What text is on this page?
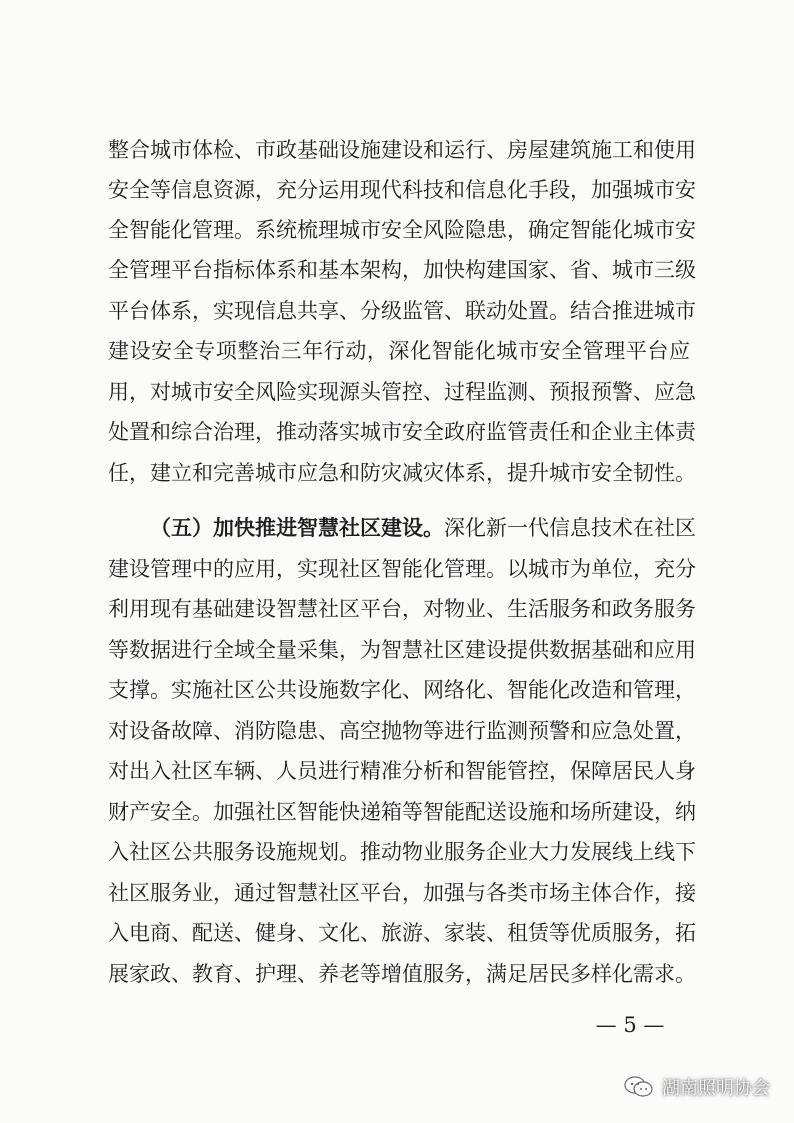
整合城市体检、市政基础设施建设和运行、房屋建筑施工和使用
安全等信息资源，充分运用现代科技和信息化手段，加强城市安
全智能化管理。系统梳理城市安全风险隐患，确定智能化城市安
全管理平台指标体系和基本架构，加快构建国家、省、城市三级
平台体系，实现信息共享、分级监管、联动处置。结合推进城市
建设安全专项整治三年行动，深化智能化城市安全管理平台应
用，对城市安全风险实现源头管控、过程监测、预报预警、应急
处置和综合治理，推动落实城市安全政府监管责任和企业主体责
任，建立和完善城市应急和防灾减灾体系，提升城市安全韧性。
（五）加快推进智慧社区建设。深化新一代信息技术在社区
建设管理中的应用，实现社区智能化管理。以城市为单位，充分
利用现有基础建设智慧社区平台，对物业、生活服务和政务服务
等数据进行全域全量采集，为智慧社区建设提供数据基础和应用
支撑。实施社区公共设施数字化、网络化、智能化改造和管理，
对设备故障、消防隐患、高空抛物等进行监测预警和应急处置，
对出入社区车辆、人员进行精准分析和智能管控，保障居民人身
财产安全。加强社区智能快递箱等智能配送设施和场所建设，纳
入社区公共服务设施规划。推动物业服务企业大力发展线上线下
社区服务业，通过智慧社区平台，加强与各类市场主体合作，接
入电商、配送、健身、文化、旅游、家装、租赁等优质服务，拓
展家政、教育、护理、养老等增值服务，满足居民多样化需求。
— 5 —
湖南照明协会
